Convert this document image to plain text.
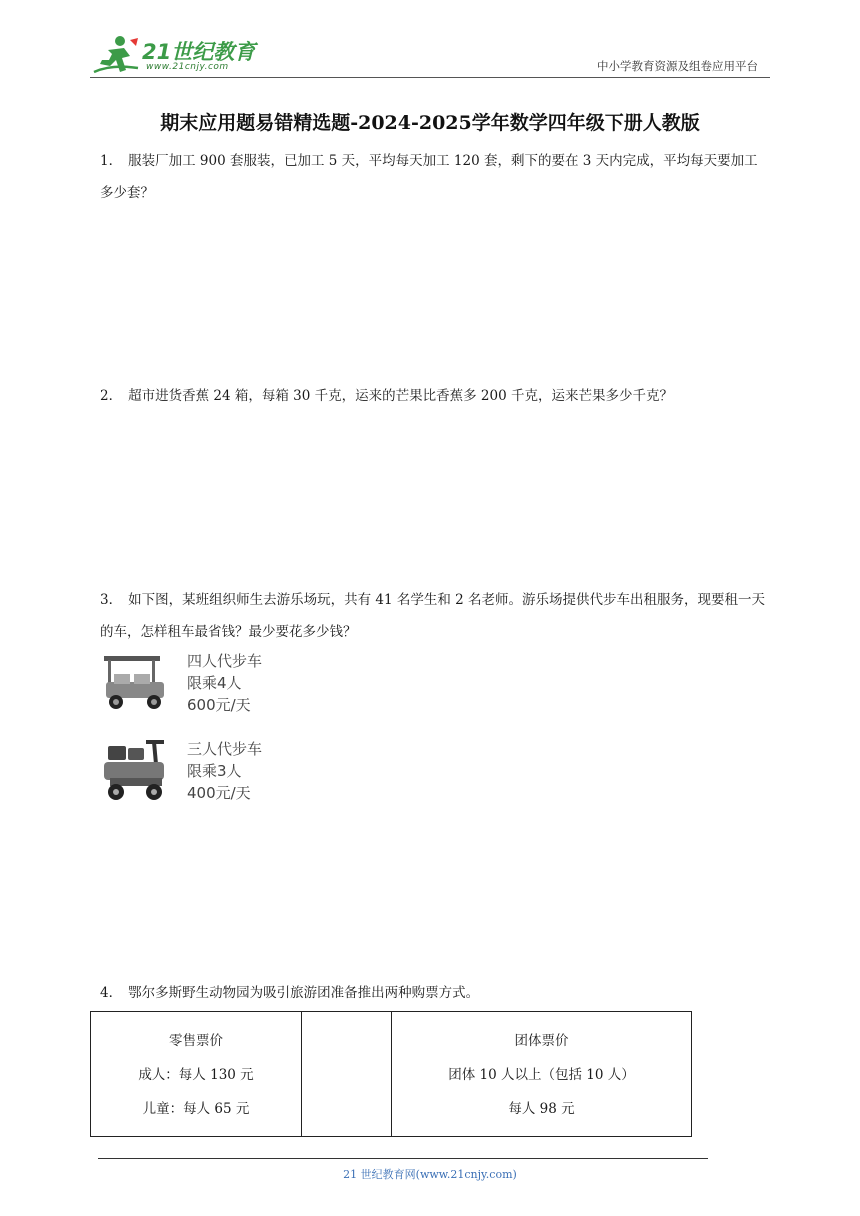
21世纪教育
www.21cnjy.com	中小学教育资源及组卷应用平台
期末应用题易错精选题-2024-2025学年数学四年级下册人教版
1． 服装厂加工 900 套服装，已加工 5 天，平均每天加工 120 套，剩下的要在 3 天内完成，平均每天要加工多少套？
2． 超市进货香蕉 24 箱，每箱 30 千克，运来的芒果比香蕉多 200 千克，运来芒果多少千克？
3． 如下图，某班组织师生去游乐场玩，共有 41 名学生和 2 名老师。游乐场提供代步车出租服务，现要租一天的车，怎样租车最省钱？最少要花多少钱？
四人代步车
限乘4人
600元/天
三人代步车
限乘3人
400元/天
4． 鄂尔多斯野生动物园为吸引旅游团准备推出两种购票方式。
零售票价
成人：每人 130 元
儿童：每人 65 元

团体票价
团体 10 人以上（包括 10 人）
每人 98 元
21 世纪教育网(www.21cnjy.com)
